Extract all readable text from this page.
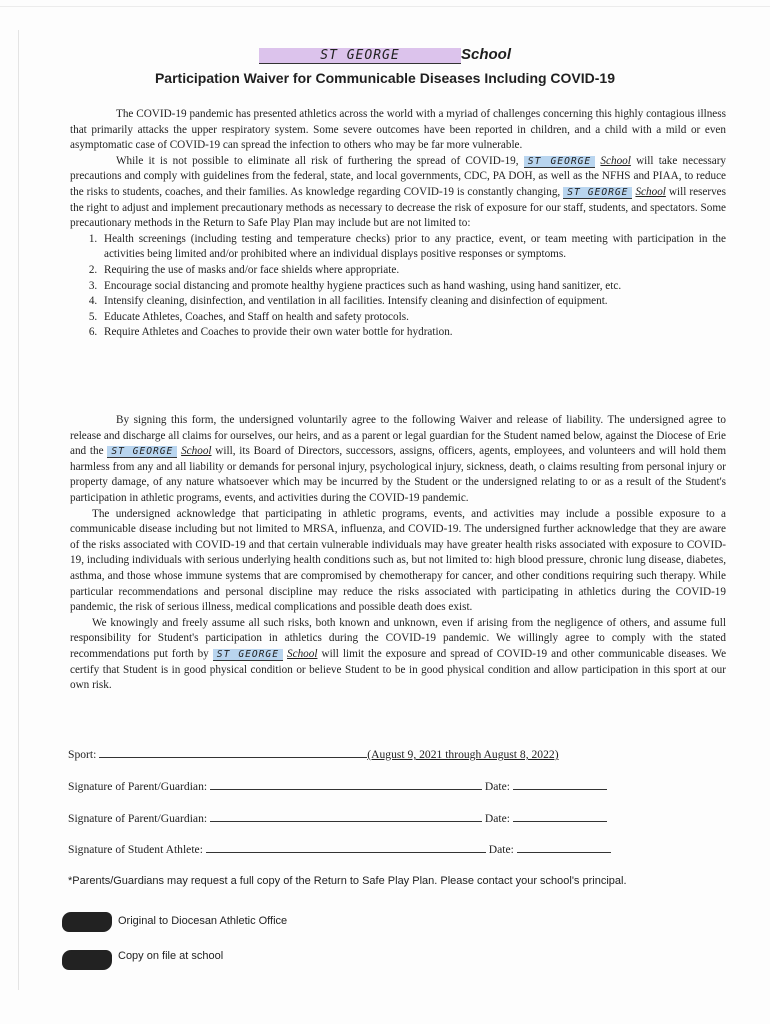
ST GEORGE	School
Participation Waiver for Communicable Diseases Including COVID-19

The COVID-19 pandemic has presented athletics across the world with a myriad of challenges concerning this highly contagious illness that primarily attacks the upper respiratory system. Some severe outcomes have been reported in children, and a child with a mild or even asymptomatic case of COVID-19 can spread the infection to others who may be far more vulnerable.

While it is not possible to eliminate all risk of furthering the spread of COVID-19, ST GEORGE School will take necessary precautions and comply with guidelines from the federal, state, and local governments, CDC, PA DOH, as well as the NFHS and PIAA, to reduce the risks to students, coaches, and their families. As knowledge regarding COVID-19 is constantly changing, ST GEORGE School will reserves the right to adjust and implement precautionary methods as necessary to decrease the risk of exposure for our staff, students, and spectators. Some precautionary methods in the Return to Safe Play Plan may include but are not limited to:

1. Health screenings (including testing and temperature checks) prior to any practice, event, or team meeting with participation in the activities being limited and/or prohibited where an individual displays positive responses or symptoms.
2. Requiring the use of masks and/or face shields where appropriate.
3. Encourage social distancing and promote healthy hygiene practices such as hand washing, using hand sanitizer, etc.
4. Intensify cleaning, disinfection, and ventilation in all facilities. Intensify cleaning and disinfection of equipment.
5. Educate Athletes, Coaches, and Staff on health and safety protocols.
6. Require Athletes and Coaches to provide their own water bottle for hydration.

By signing this form, the undersigned voluntarily agree to the following Waiver and release of liability. The undersigned agree to release and discharge all claims for ourselves, our heirs, and as a parent or legal guardian for the Student named below, against the Diocese of Erie and the ST GEORGE School will, its Board of Directors, successors, assigns, officers, agents, employees, and volunteers and will hold them harmless from any and all liability or demands for personal injury, psychological injury, sickness, death, o claims resulting from personal injury or property damage, of any nature whatsoever which may be incurred by the Student or the undersigned relating to or as a result of the Student's participation in athletic programs, events, and activities during the COVID-19 pandemic.

The undersigned acknowledge that participating in athletic programs, events, and activities may include a possible exposure to a communicable disease including but not limited to MRSA, influenza, and COVID-19. The undersigned further acknowledge that they are aware of the risks associated with COVID-19 and that certain vulnerable individuals may have greater health risks associated with exposure to COVID-19, including individuals with serious underlying health conditions such as, but not limited to: high blood pressure, chronic lung disease, diabetes, asthma, and those whose immune systems that are compromised by chemotherapy for cancer, and other conditions requiring such therapy. While particular recommendations and personal discipline may reduce the risks associated with participating in athletics during the COVID-19 pandemic, the risk of serious illness, medical complications and possible death does exist.

We knowingly and freely assume all such risks, both known and unknown, even if arising from the negligence of others, and assume full responsibility for Student's participation in athletics during the COVID-19 pandemic. We willingly agree to comply with the stated recommendations put forth by ST GEORGE School will limit the exposure and spread of COVID-19 and other communicable diseases. We certify that Student is in good physical condition or believe Student to be in good physical condition and allow participation in this sport at our own risk.

Sport:	(August 9, 2021 through August 8, 2022)
Signature of Parent/Guardian:	Date:
Signature of Parent/Guardian:	Date:
Signature of Student Athlete:	Date:
*Parents/Guardians may request a full copy of the Return to Safe Play Plan. Please contact your school's principal.
Original to Diocesan Athletic Office
Copy on file at school
